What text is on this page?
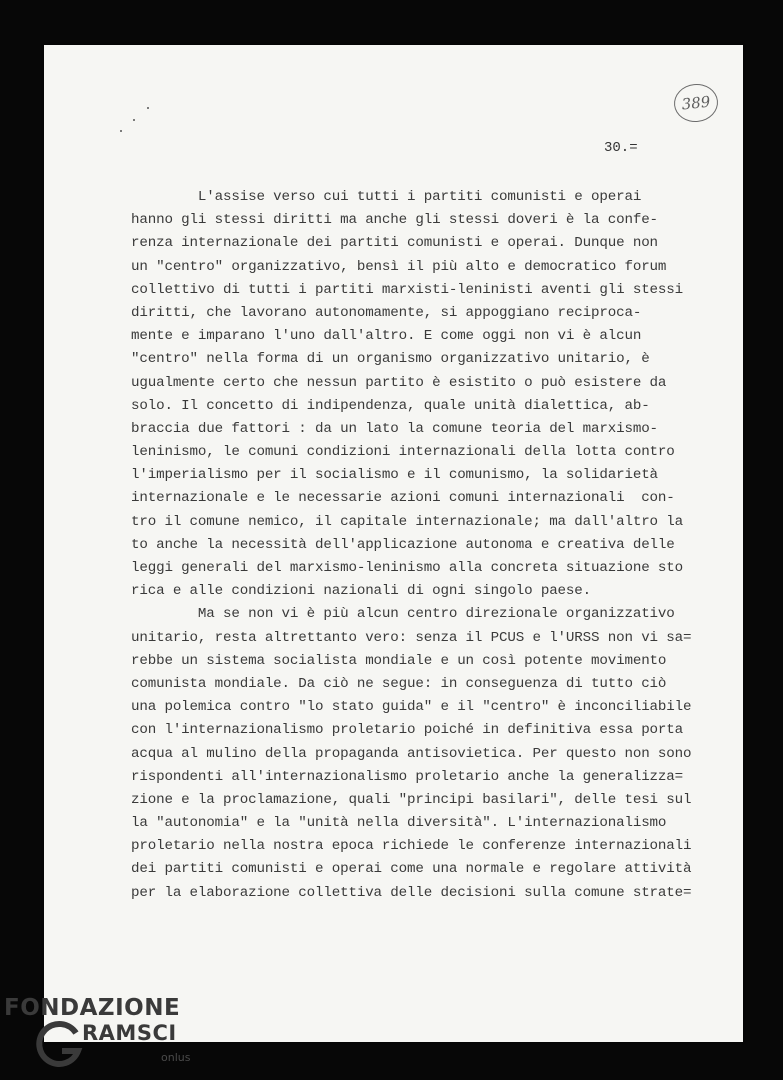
389
30.=
L'assise verso cui tutti i partiti comunisti e operai
hanno gli stessi diritti ma anche gli stessi doveri è la confe-
renza internazionale dei partiti comunisti e operai. Dunque non
un "centro" organizzativo, bensì il più alto e democratico forum
collettivo di tutti i partiti marxisti-leninisti aventi gli stessi
diritti, che lavorano autonomamente, si appoggiano reciproca-
mente e imparano l'uno dall'altro. E come oggi non vi è alcun
"centro" nella forma di un organismo organizzativo unitario, è
ugualmente certo che nessun partito è esistito o può esistere da
solo. Il concetto di indipendenza, quale unità dialettica, ab-
braccia due fattori : da un lato la comune teoria del marxismo-
leninismo, le comuni condizioni internazionali della lotta contro
l'imperialismo per il socialismo e il comunismo, la solidarietà
internazionale e le necessarie azioni comuni internazionali  con-
tro il comune nemico, il capitale internazionale; ma dall'altro la
to anche la necessità dell'applicazione autonoma e creativa delle
leggi generali del marxismo-leninismo alla concreta situazione sto
rica e alle condizioni nazionali di ogni singolo paese.
Ma se non vi è più alcun centro direzionale organizzativo
unitario, resta altrettanto vero: senza il PCUS e l'URSS non vi sa=
rebbe un sistema socialista mondiale e un così potente movimento
comunista mondiale. Da ciò ne segue: in conseguenza di tutto ciò
una polemica contro "lo stato guida" e il "centro" è inconciliabile
con l'internazionalismo proletario poiché in definitiva essa porta
acqua al mulino della propaganda antisovietica. Per questo non sono
rispondenti all'internazionalismo proletario anche la generalizza=
zione e la proclamazione, quali "principi basilari", delle tesi sul
la "autonomia" e la "unità nella diversità". L'internazionalismo
proletario nella nostra epoca richiede le conferenze internazionali
dei partiti comunisti e operai come una normale e regolare attività
per la elaborazione collettiva delle decisioni sulla comune strate=
FONDAZIONE
RAMSCI
onlus
